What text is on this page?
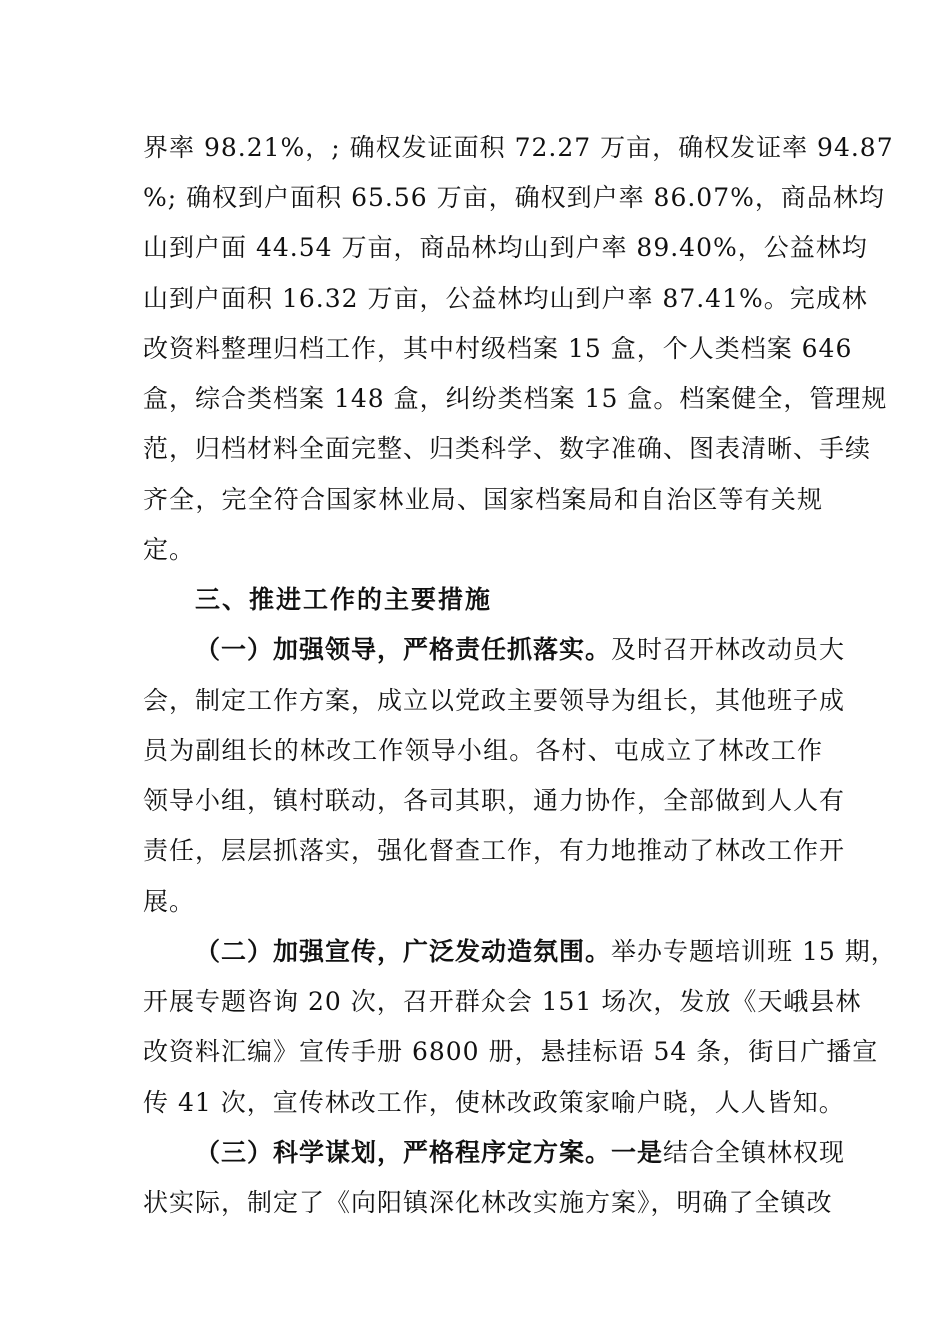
界率 98.21%，; 确权发证面积 72.27 万亩，确权发证率 94.87
%; 确权到户面积 65.56 万亩，确权到户率 86.07%，商品林均
山到户面 44.54 万亩，商品林均山到户率 89.40%，公益林均
山到户面积 16.32 万亩，公益林均山到户率 87.41%。完成林
改资料整理归档工作，其中村级档案 15 盒，个人类档案 646
盒，综合类档案 148 盒，纠纷类档案 15 盒。档案健全，管理规
范，归档材料全面完整、归类科学、数字准确、图表清晰、手续
齐全，完全符合国家林业局、国家档案局和自治区等有关规
定。
三、推进工作的主要措施
（一）加强领导，严格责任抓落实。及时召开林改动员大
会，制定工作方案，成立以党政主要领导为组长，其他班子成
员为副组长的林改工作领导小组。各村、屯成立了林改工作
领导小组，镇村联动，各司其职，通力协作，全部做到人人有
责任，层层抓落实，强化督查工作，有力地推动了林改工作开
展。
（二）加强宣传，广泛发动造氛围。举办专题培训班 15 期，
开展专题咨询 20 次，召开群众会 151 场次，发放《天峨县林
改资料汇编》宣传手册 6800 册，悬挂标语 54 条，街日广播宣
传 41 次，宣传林改工作，使林改政策家喻户晓，人人皆知。
（三）科学谋划，严格程序定方案。一是结合全镇林权现
状实际，制定了《向阳镇深化林改实施方案》，明确了全镇改
